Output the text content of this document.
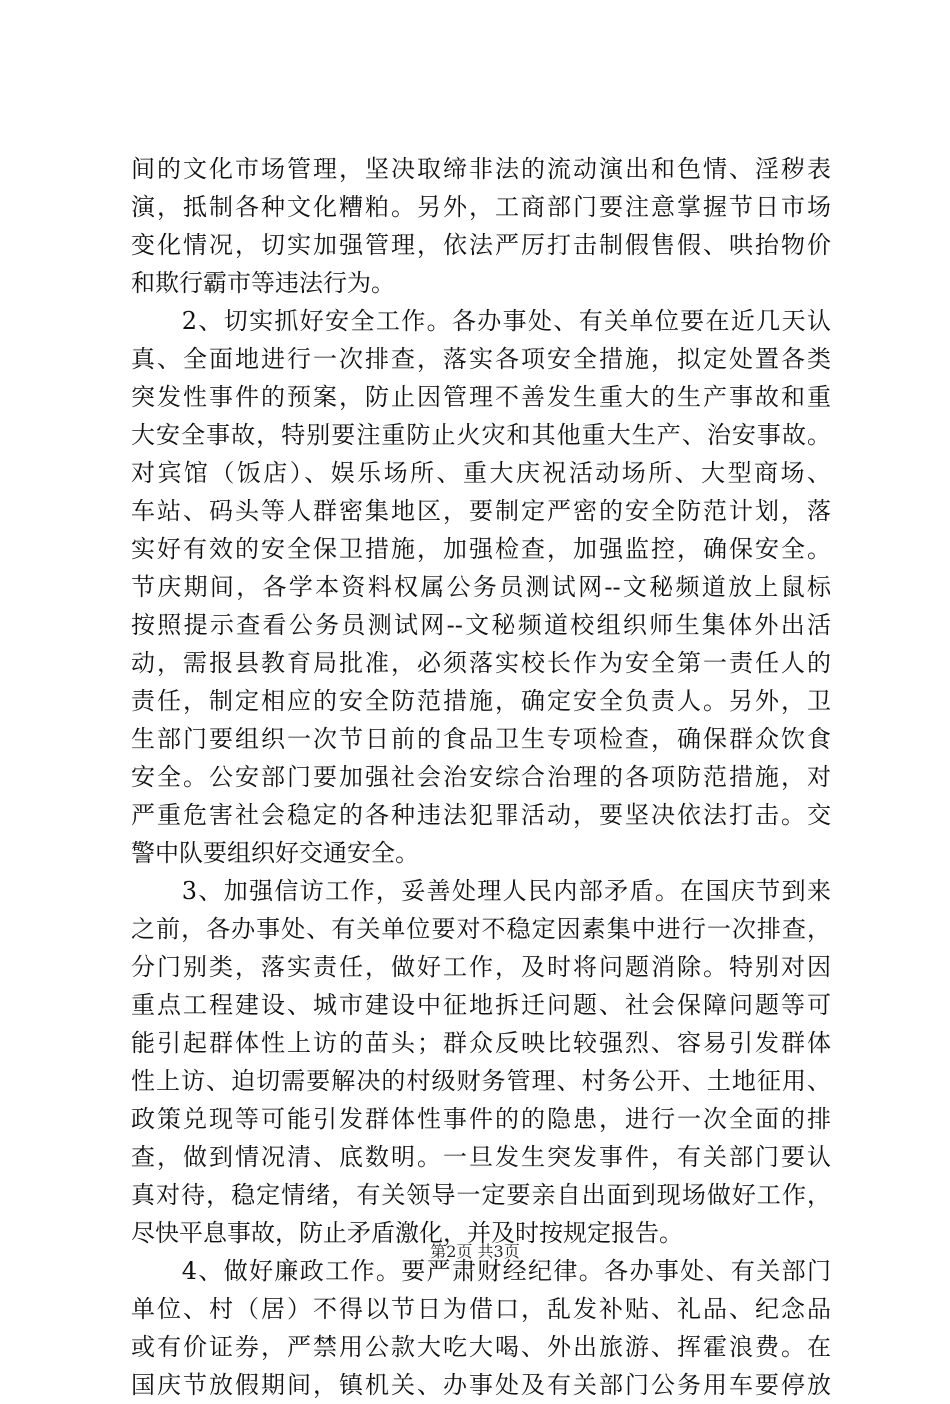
间的文化市场管理，坚决取缔非法的流动演出和色情、淫秽表
演，抵制各种文化糟粕。另外，工商部门要注意掌握节日市场
变化情况，切实加强管理，依法严厉打击制假售假、哄抬物价
和欺行霸市等违法行为。
　　2、切实抓好安全工作。各办事处、有关单位要在近几天认
真、全面地进行一次排查，落实各项安全措施，拟定处置各类
突发性事件的预案，防止因管理不善发生重大的生产事故和重
大安全事故，特别要注重防止火灾和其他重大生产、治安事故。
对宾馆（饭店）、娱乐场所、重大庆祝活动场所、大型商场、
车站、码头等人群密集地区，要制定严密的安全防范计划，落
实好有效的安全保卫措施，加强检查，加强监控，确保安全。
节庆期间，各学本资料权属公务员测试网--文秘频道放上鼠标
按照提示查看公务员测试网--文秘频道校组织师生集体外出活
动，需报县教育局批准，必须落实校长作为安全第一责任人的
责任，制定相应的安全防范措施，确定安全负责人。另外，卫
生部门要组织一次节日前的食品卫生专项检查，确保群众饮食
安全。公安部门要加强社会治安综合治理的各项防范措施，对
严重危害社会稳定的各种违法犯罪活动，要坚决依法打击。交
警中队要组织好交通安全。
　　3、加强信访工作，妥善处理人民内部矛盾。在国庆节到来
之前，各办事处、有关单位要对不稳定因素集中进行一次排查，
分门别类，落实责任，做好工作，及时将问题消除。特别对因
重点工程建设、城市建设中征地拆迁问题、社会保障问题等可
能引起群体性上访的苗头；群众反映比较强烈、容易引发群体
性上访、迫切需要解决的村级财务管理、村务公开、土地征用、
政策兑现等可能引发群体性事件的的隐患，进行一次全面的排
查，做到情况清、底数明。一旦发生突发事件，有关部门要认
真对待，稳定情绪，有关领导一定要亲自出面到现场做好工作，
尽快平息事故，防止矛盾激化，并及时按规定报告。
　　4、做好廉政工作。要严肃财经纪律。各办事处、有关部门
单位、村（居）不得以节日为借口，乱发补贴、礼品、纪念品
或有价证券，严禁用公款大吃大喝、外出旅游、挥霍浪费。在
国庆节放假期间，镇机关、办事处及有关部门公务用车要停放
第2页 共3页
